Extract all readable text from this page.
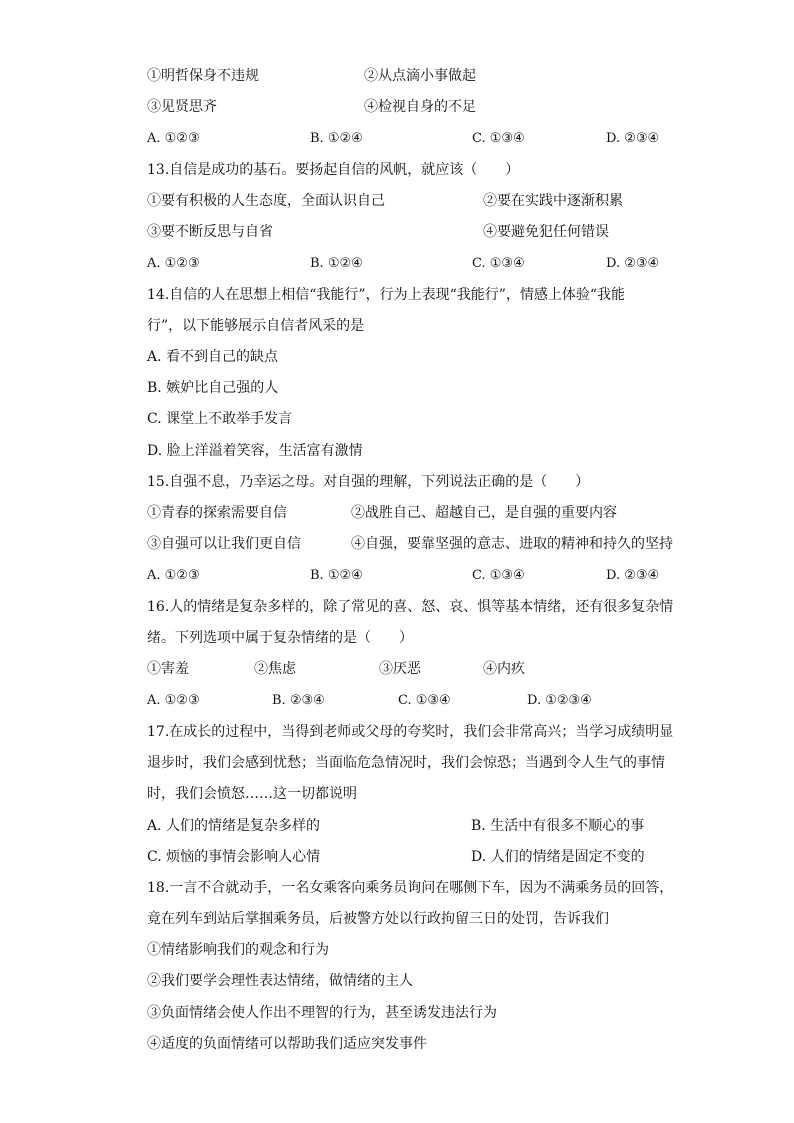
①明哲保身不违规	②从点滴小事做起
③见贤思齐	④检视自身的不足
A. ①②③	B. ①②④	C. ①③④	D. ②③④
13.自信是成功的基石。要扬起自信的风帆，就应该（　　）
①要有积极的人生态度，全面认识自己	②要在实践中逐渐积累
③要不断反思与自省	④要避免犯任何错误
A. ①②③	B. ①②④	C. ①③④	D. ②③④
14.自信的人在思想上相信“我能行”，行为上表现“我能行”，情感上体验“我能
行”，以下能够展示自信者风采的是
A. 看不到自己的缺点
B. 嫉妒比自己强的人
C. 课堂上不敢举手发言
D. 脸上洋溢着笑容，生活富有激情
15.自强不息，乃幸运之母。对自强的理解，下列说法正确的是（　　）
①青春的探索需要自信	②战胜自己、超越自己，是自强的重要内容
③自强可以让我们更自信	④自强，要靠坚强的意志、进取的精神和持久的坚持
A. ①②③	B. ①②④	C. ①③④	D. ②③④
16.人的情绪是复杂多样的，除了常见的喜、怒、哀、惧等基本情绪，还有很多复杂情
绪。下列选项中属于复杂情绪的是（　　）
①害羞	②焦虑	③厌恶	④内疚
A. ①②③	B. ②③④	C. ①③④	D. ①②③④
17.在成长的过程中，当得到老师或父母的夸奖时，我们会非常高兴；当学习成绩明显
退步时，我们会感到忧愁；当面临危急情况时，我们会惊恐；当遇到令人生气的事情
时，我们会愤怒……这一切都说明
A. 人们的情绪是复杂多样的	B. 生活中有很多不顺心的事
C. 烦恼的事情会影响人心情	D. 人们的情绪是固定不变的
18.一言不合就动手，一名女乘客向乘务员询问在哪侧下车，因为不满乘务员的回答，
竟在列车到站后掌掴乘务员，后被警方处以行政拘留三日的处罚，告诉我们
①情绪影响我们的观念和行为
②我们要学会理性表达情绪，做情绪的主人
③负面情绪会使人作出不理智的行为，甚至诱发违法行为
④适度的负面情绪可以帮助我们适应突发事件
